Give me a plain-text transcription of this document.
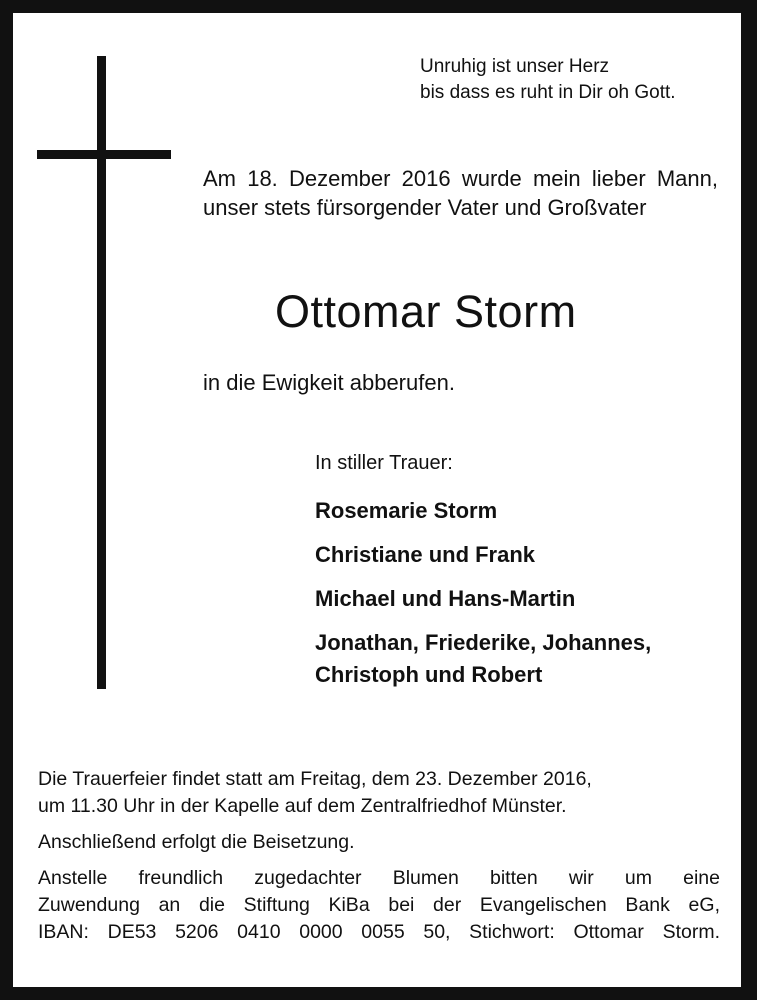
Unruhig ist unser Herz
bis dass es ruht in Dir oh Gott.
Am 18. Dezember 2016 wurde mein lieber Mann, unser stets fürsorgender Vater und Großvater
Ottomar Storm
in die Ewigkeit abberufen.
In stiller Trauer:
Rosemarie Storm
Christiane und Frank
Michael und Hans-Martin
Jonathan, Friederike, Johannes,
Christoph und Robert
Die Trauerfeier findet statt am Freitag, dem 23. Dezember 2016,
um 11.30 Uhr in der Kapelle auf dem Zentralfriedhof Münster.
Anschließend erfolgt die Beisetzung.
Anstelle freundlich zugedachter Blumen bitten wir um eine
Zuwendung an die Stiftung KiBa bei der Evangelischen Bank eG,
IBAN: DE53 5206 0410 0000 0055 50, Stichwort: Ottomar Storm.
